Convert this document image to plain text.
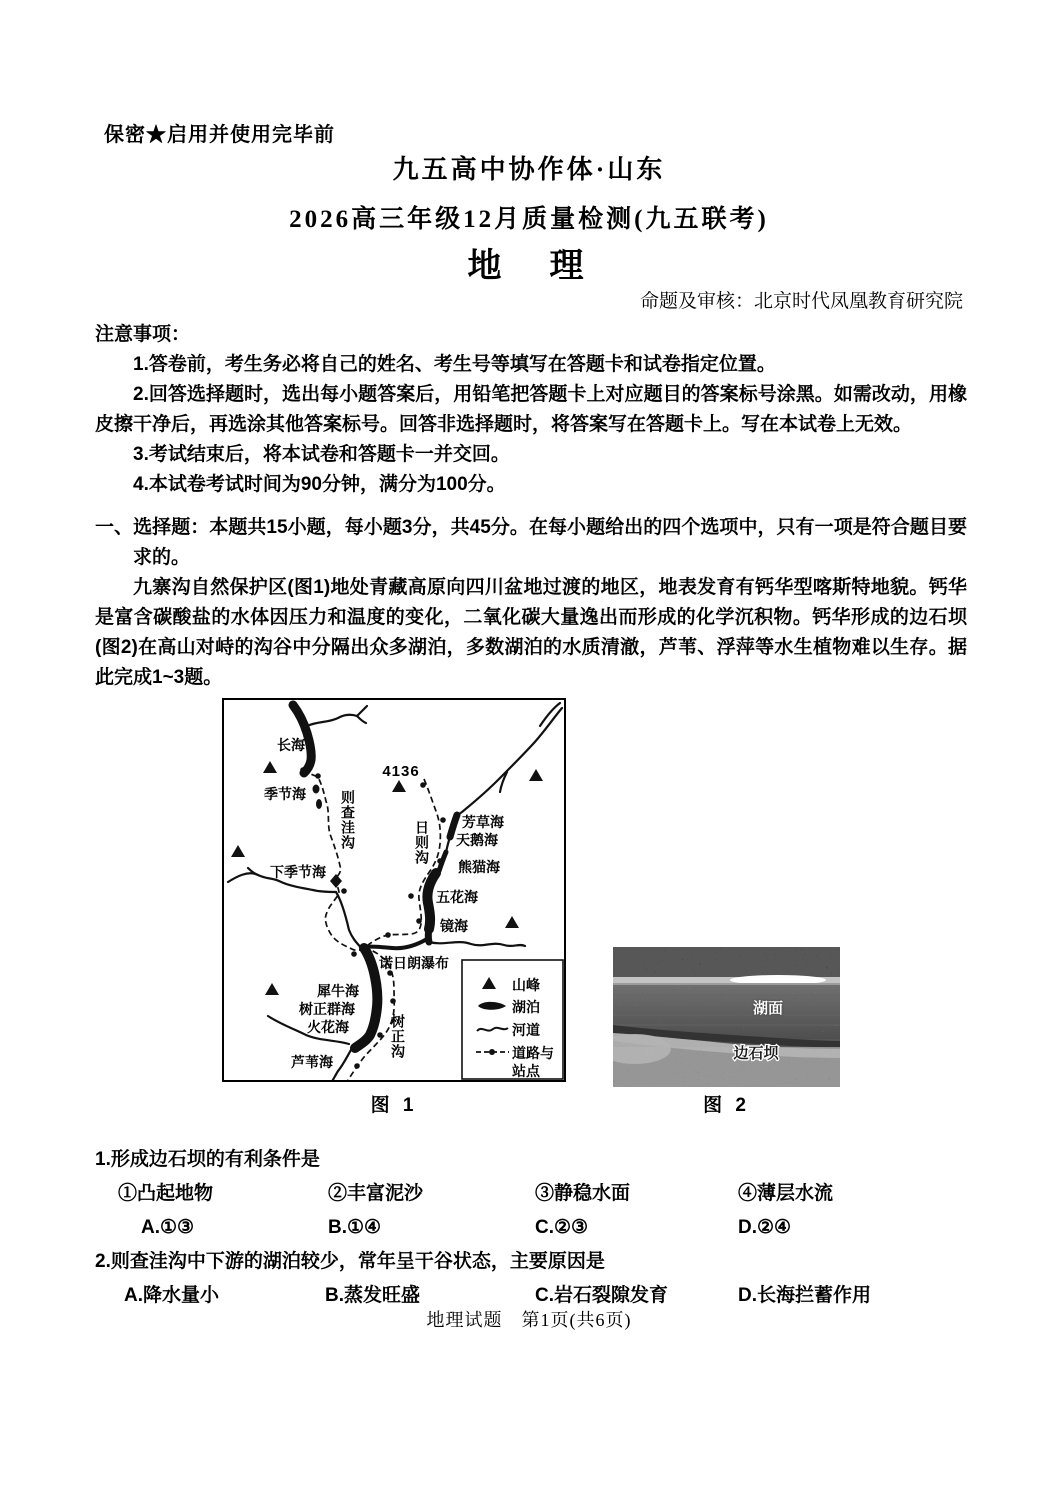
保密★启用并使用完毕前
九五高中协作体·山东
2026高三年级12月质量检测(九五联考)
地　理
命题及审核：北京时代凤凰教育研究院

注意事项：

1.答卷前，考生务必将自己的姓名、考生号等填写在答题卡和试卷指定位置。

2.回答选择题时，选出每小题答案后，用铅笔把答题卡上对应题目的答案标号涂黑。如需改动，用橡皮擦干净后，再选涂其他答案标号。回答非选择题时，将答案写在答题卡上。写在本试卷上无效。

3.考试结束后，将本试卷和答题卡一并交回。

4.本试卷考试时间为90分钟，满分为100分。

一、选择题：本题共15小题，每小题3分，共45分。在每小题给出的四个选项中，只有一项是符合题目要求的。

九寨沟自然保护区(图1)地处青藏高原向四川盆地过渡的地区，地表发育有钙华型喀斯特地貌。钙华是富含碳酸盐的水体因压力和温度的变化，二氧化碳大量逸出而形成的化学沉积物。钙华形成的边石坝(图2)在高山对峙的沟谷中分隔出众多湖泊，多数湖泊的水质清澈，芦苇、浮萍等水生植物难以生存。据此完成1~3题。

长海
季节海
下季节海
4136
芳草海
天鹅海
熊猫海
五花海
镜海
诺日朗瀑布
犀牛海
树正群海
火花海
芦苇海
则查洼沟	日则沟
树正沟
山峰
湖泊
河道
道路与
站点
图 1
湖面
边石坝
图 2
1.形成边石坝的有利条件是
①凸起地物	②丰富泥沙	③静稳水面	④薄层水流
A.①③	B.①④	C.②③	D.②④
2.则查洼沟中下游的湖泊较少，常年呈干谷状态，主要原因是
A.降水量小	B.蒸发旺盛	C.岩石裂隙发育	D.长海拦蓄作用
地理试题　第1页(共6页)
